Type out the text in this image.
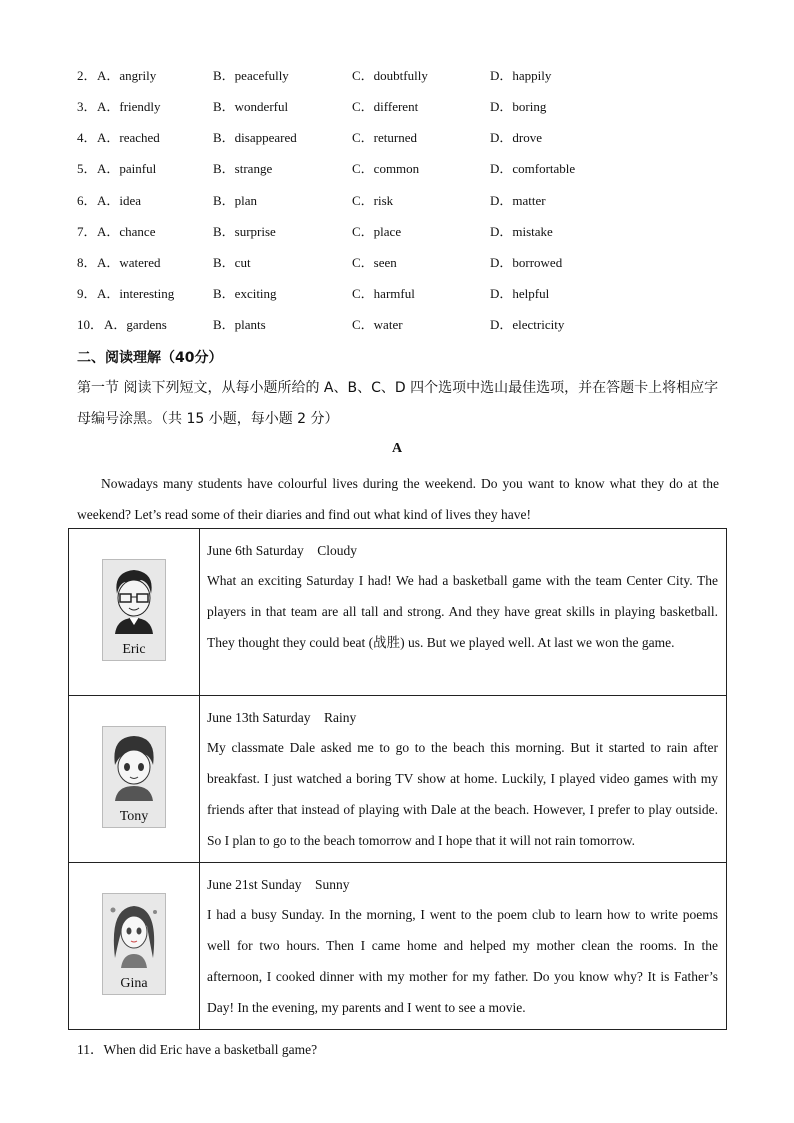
2． A．angrily	B．peacefully	C．doubtfully	D．happily
3． A．friendly	B．wonderful	C．different	D．boring
4． A．reached	B．disappeared	C．returned	D．drove
5． A．painful	B．strange	C．common	D．comfortable
6． A．idea	B．plan	C．risk	D．matter
7． A．chance	B．surprise	C．place	D．mistake
8． A．watered	B．cut	C．seen	D．borrowed
9． A．interesting	B．exciting	C．harmful	D．helpful
10． A．gardens	B．plants	C．water	D．electricity
二、阅读理解（40分）
第一节 阅读下列短文，从每小题所给的 A、B、C、D 四个选项中选山最佳选项，并在答题卡上将相应字母编号涂黑。（共 15 小题，每小题 2 分）
A
Nowadays many students have colourful lives during the weekend. Do you want to know what they do at the weekend? Let’s read some of their diaries and find out what kind of lives they have!
Eric	June 6th Saturday Cloudy
What an exciting Saturday I had! We had a basketball game with the team Center City. The players in that team are all tall and strong. And they have great skills in playing basketball. They thought they could beat (战胜) us. But we played well. At last we won the game.

Tony	June 13th Saturday Rainy
My classmate Dale asked me to go to the beach this morning. But it started to rain after breakfast. I just watched a boring TV show at home. Luckily, I played video games with my friends after that instead of playing with Dale at the beach. However, I prefer to play outside. So I plan to go to the beach tomorrow and I hope that it will not rain tomorrow.

Gina	June 21st Sunday Sunny
I had a busy Sunday. In the morning, I went to the poem club to learn how to write poems well for two hours. Then I came home and helped my mother clean the rooms. In the afternoon, I cooked dinner with my mother for my father. Do you know why? It is Father’s Day! In the evening, my parents and I went to see a movie.
11．When did Eric have a basketball game?
